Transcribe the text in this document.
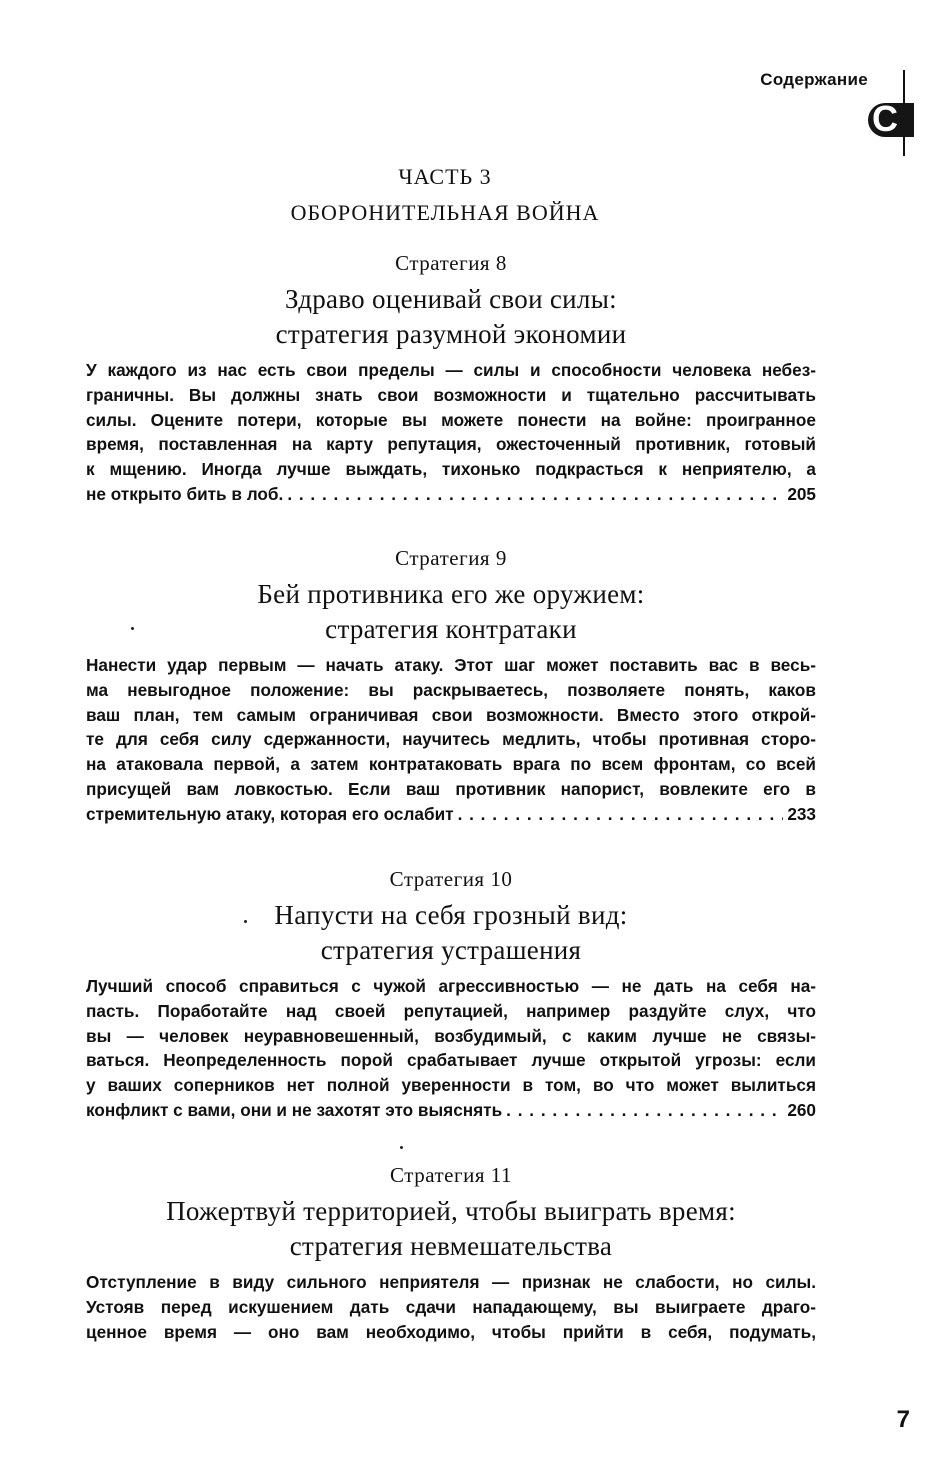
Содержание
C
ЧАСТЬ 3
ОБОРОНИТЕЛЬНАЯ ВОЙНА
Стратегия 8
Здраво оценивай свои силы:
стратегия разумной экономии
У каждого из нас есть свои пределы — силы и способности человека небез-
граничны. Вы должны знать свои возможности и тщательно рассчитывать
силы. Оцените потери, которые вы можете понести на войне: проигранное
время, поставленная на карту репутация, ожесточенный противник, готовый
к мщению. Иногда лучше выждать, тихонько подкрасться к неприятелю, а
не открыто бить в лоб. . . .	205
Стратегия 9
Бей противника его же оружием:
стратегия контратаки
Нанести удар первым — начать атаку. Этот шаг может поставить вас в весь-
ма невыгодное положение: вы раскрываетесь, позволяете понять, каков
ваш план, тем самым ограничивая свои возможности. Вместо этого открой-
те для себя силу сдержанности, научитесь медлить, чтобы противная сторо-
на атаковала первой, а затем контратаковать врага по всем фронтам, со всей
присущей вам ловкостью. Если ваш противник напорист, вовлеките его в
стремительную атаку, которая его ослабит . . .	233
Стратегия 10
Напусти на себя грозный вид:
стратегия устрашения
Лучший способ справиться с чужой агрессивностью — не дать на себя на-
пасть. Поработайте над своей репутацией, например раздуйте слух, что
вы — человек неуравновешенный, возбудимый, с каким лучше не связы-
ваться. Неопределенность порой срабатывает лучше открытой угрозы: если
у ваших соперников нет полной уверенности в том, во что может вылиться
конфликт с вами, они и не захотят это выяснять . . .	260
Стратегия 11
Пожертвуй территорией, чтобы выиграть время:
стратегия невмешательства
Отступление в виду сильного неприятеля — признак не слабости, но силы.
Устояв перед искушением дать сдачи нападающему, вы выиграете драго-
ценное время — оно вам необходимо, чтобы прийти в себя, подумать,
7
